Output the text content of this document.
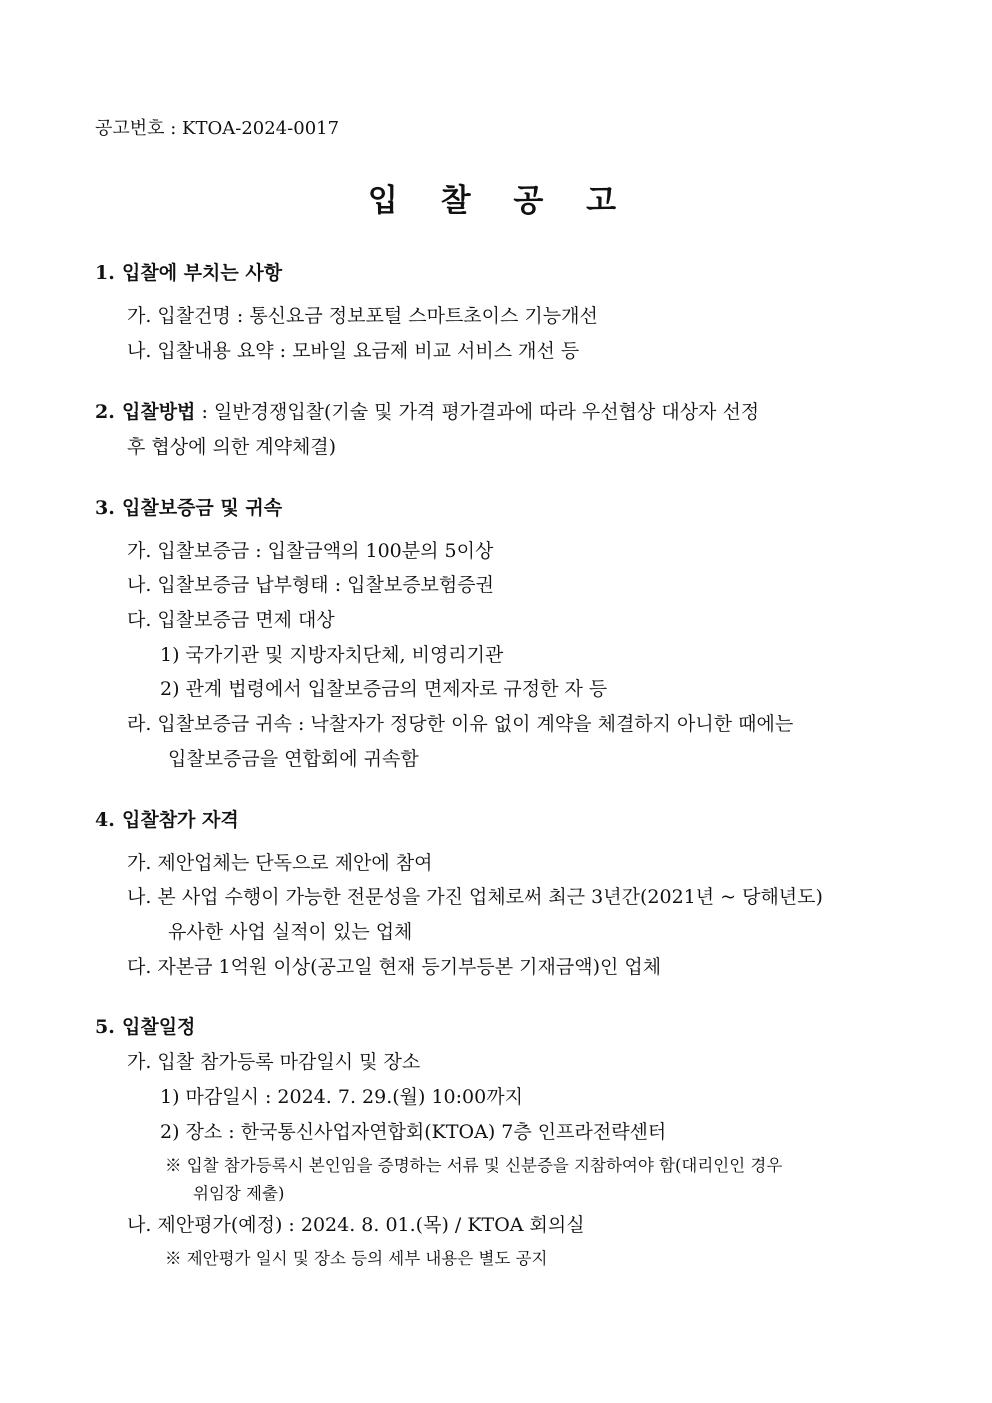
공고번호 : KTOA-2024-0017
입 찰 공 고
1. 입찰에 부치는 사항
가. 입찰건명 : 통신요금 정보포털 스마트초이스 기능개선
나. 입찰내용 요약 : 모바일 요금제 비교 서비스 개선 등
2. 입찰방법 : 일반경쟁입찰(기술 및 가격 평가결과에 따라 우선협상 대상자 선정
후 협상에 의한 계약체결)
3. 입찰보증금 및 귀속
가. 입찰보증금 : 입찰금액의 100분의 5이상
나. 입찰보증금 납부형태 : 입찰보증보험증권
다. 입찰보증금 면제 대상
1) 국가기관 및 지방자치단체, 비영리기관
2) 관계 법령에서 입찰보증금의 면제자로 규정한 자 등
라. 입찰보증금 귀속 : 낙찰자가 정당한 이유 없이 계약을 체결하지 아니한 때에는
입찰보증금을 연합회에 귀속함
4. 입찰참가 자격
가. 제안업체는 단독으로 제안에 참여
나. 본 사업 수행이 가능한 전문성을 가진 업체로써 최근 3년간(2021년 ~ 당해년도)
유사한 사업 실적이 있는 업체
다. 자본금 1억원 이상(공고일 현재 등기부등본 기재금액)인 업체
5. 입찰일정
가. 입찰 참가등록 마감일시 및 장소
1) 마감일시 : 2024. 7. 29.(월) 10:00까지
2) 장소 : 한국통신사업자연합회(KTOA) 7층 인프라전략센터
※ 입찰 참가등록시 본인임을 증명하는 서류 및 신분증을 지참하여야 함(대리인인 경우
위임장 제출)
나. 제안평가(예정) : 2024. 8. 01.(목) / KTOA 회의실
※ 제안평가 일시 및 장소 등의 세부 내용은 별도 공지
